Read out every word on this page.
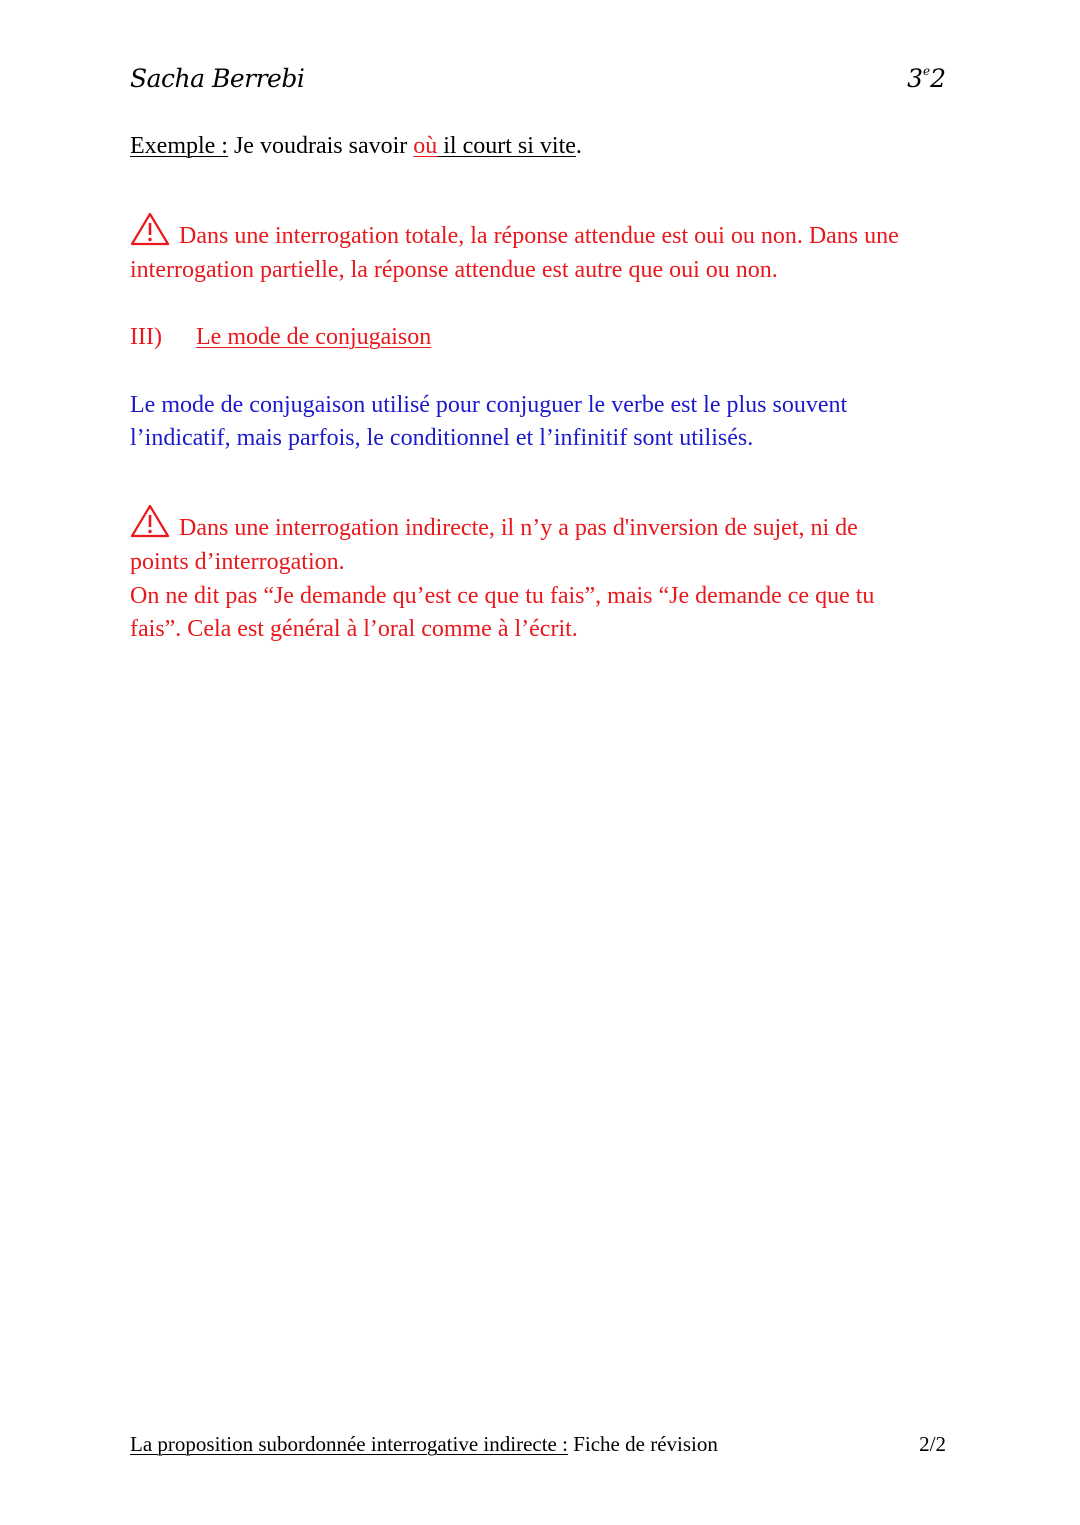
Sacha Berrebi	3e2
Exemple : Je voudrais savoir où il court si vite.
Dans une interrogation totale, la réponse attendue est oui ou non. Dans une
interrogation partielle, la réponse attendue est autre que oui ou non.
III) Le mode de conjugaison
Le mode de conjugaison utilisé pour conjuguer le verbe est le plus souvent
l’indicatif, mais parfois, le conditionnel et l’infinitif sont utilisés.
Dans une interrogation indirecte, il n’y a pas d'inversion de sujet, ni de
points d’interrogation.
On ne dit pas “Je demande qu’est ce que tu fais”, mais “Je demande ce que tu
fais”. Cela est général à l’oral comme à l’écrit.
La proposition subordonnée interrogative indirecte : Fiche de révision	2/2
